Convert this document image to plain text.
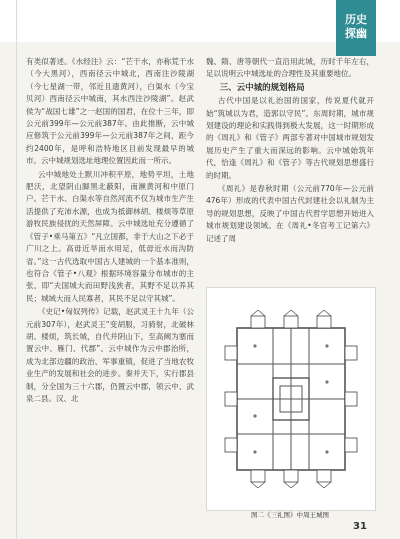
历史
探幽

有类似著述。《水经注》云：“芒干水，亦称荒干水（今大黑河），西南径云中城北，西南注沙陵湖（今七星湖一带，邻近且遗黄河），白渠水（今宝贝河）西南径云中城南，其水西注沙陵湖”。赵武侯为“战国七雄”之一赵国的国君，在位十三年，即公元前399年—公元前387年。由此推断，云中城应修筑于公元前399年—公元前387年之间，距今约2400年，是呼和浩特地区目前发现最早的城市。云中城规划选址地理位置因此而一所示。

云中城地处土默川冲积平原，地势平坦，土地肥沃，北望阴山脚黑北蔽阳，南濒黄河和中原门户。芒干水、白渠水等自然河流不仅为城市生产生活提供了充沛水源，也成为抵御林胡、楼烦等草原游牧民族侵扰的天然屏障。云中城选址充分遵循了《管子•乘马第五》“凡立国都，非于大山之下必于广川之上。高毋近旱而水用足，低毋近水而沟防省。”这一古代选取中国古人建城的一个基本准则，也符合《管子•八观》根据环境容量分布城市的主张，即“夫国城大而田野浅狭者，其野不足以养其民；城域大而人民寡者，其民不足以守其城”。

《史记•匈奴列传》记载，赵武灵王十九年（公元前307年），赵武灵王“变胡服，习骑射，北破林胡、楼烦，筑长城，自代并阴山下，至高阙为塞而置云中、雁门、代郡”。云中城作为云中郡治所，成为北部边疆的政治、军事重镇，促进了当地农牧业生产的发展和社会的进步。秦并天下，实行郡县制，分全国为三十六郡，仍置云中郡，领云中、武泉二县。汉、北

魏、隋、唐等朝代一直沿用此城，历时千年左右，足以说明云中城选址的合理性及其重要地位。

三、云中城的规划格局

古代中国是以礼治国的国家，传说夏代就开始“筑城以为君，造郭以守民”。东周时期，城市规划建设的理论和实践得到极大发展，这一时期形成的《周礼》和《管子》两部专著对中国城市规划发展历史产生了重大而深远的影响。云中城始筑年代，恰逢《周礼》和《管子》等古代规划思想盛行的时期。

《周礼》是春秋时期（公元前770年—公元前476年）形成的代表中国古代封建社会以礼制为主导的规划思想，反映了中国古代哲学思想开始进入城市规划建设领域。在《周礼•冬官考工记第六》记述了周

图二《三礼图》中周王城图
31
